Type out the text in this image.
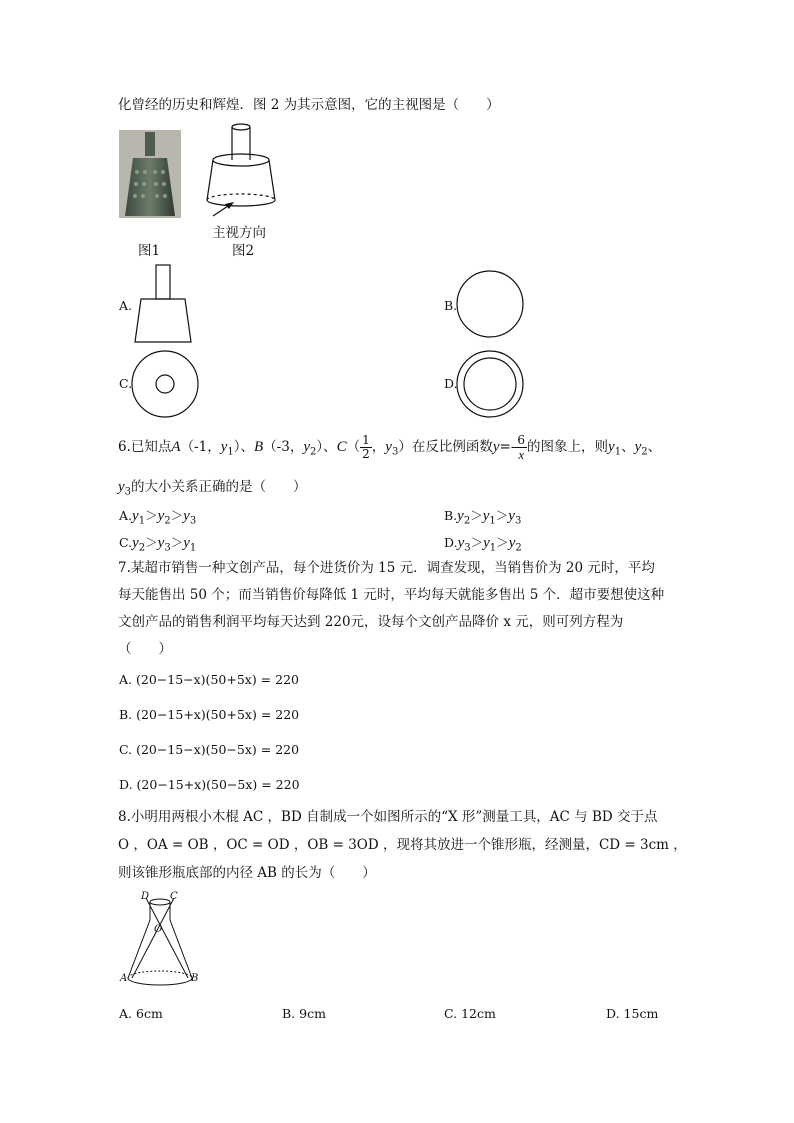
化曾经的历史和辉煌．图 2 为其示意图，它的主视图是（　　）
图1
主视方向
图2
A.	B.
C.	D.
6.已知点A（-1，$y_1$）、B（-3，$y_2$）、$C( \frac{1}{2}$ ，$y_3$）在反比例函数$y=- \frac{6}{x}$ 的图象上，则$y_1$、$y_2$、
$y_3$的大小关系正确的是（　　）
$A.y_1>y_2>y_3$	$B.y_2>y_1>y_3$
$C.y_2>y_3>y_1$	$D.y_3>y_1>y_2$
7.某超市销售一种文创产品，每个进货价为 15 元．调查发现，当销售价为 20 元时，平均
每天能售出 50 个；而当销售价每降低 1 元时，平均每天就能多售出 5 个．超市要想使这种
文创产品的销售利润平均每天达到 220元，设每个文创产品降价 x 元，则可列方程为
（　　）
A. (20−15−x)(50+5x) = 220
B. (20−15+x)(50+5x) = 220
C. (20−15−x)(50−5x) = 220
D. (20−15+x)(50−5x) = 220
8.小明用两根小木棍 AC ，BD 自制成一个如图所示的“X 形”测量工具，AC 与 BD 交于点
O ，OA = OB ，OC = OD ，OB = 3OD ，现将其放进一个锥形瓶，经测量，CD = 3cm ，
则该锥形瓶底部的内径 AB 的长为（　　）
D C
O
A	B
A. 6cm	B. 9cm	C. 12cm	D. 15cm
